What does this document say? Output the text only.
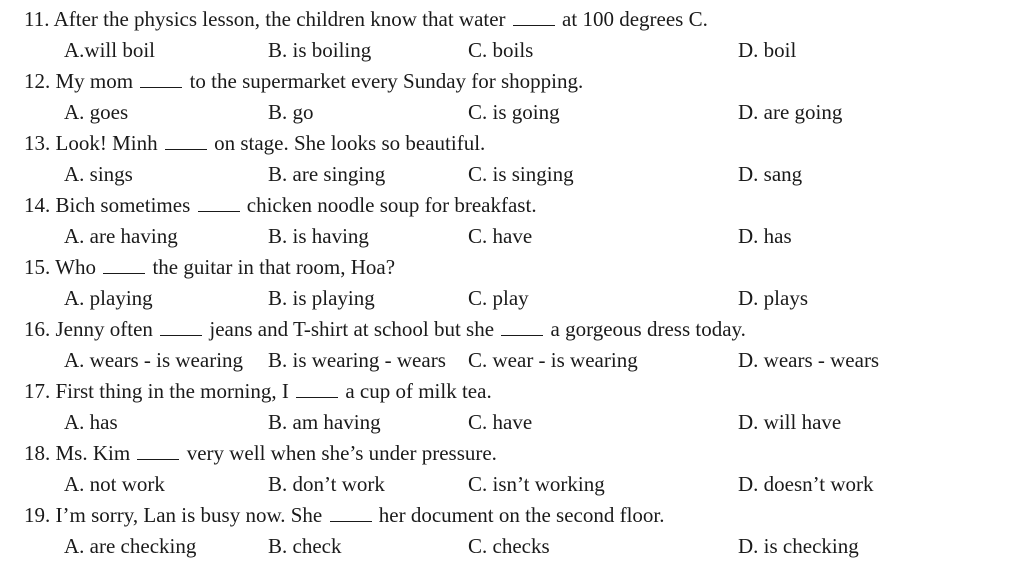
11. After the physics lesson, the children know that water	at 100 degrees C.
A.will boil	B. is boiling	C. boils	D. boil
12. My mom	to the supermarket every Sunday for shopping.
A. goes	B. go	C. is going	D. are going
13. Look! Minh	on stage. She looks so beautiful.
A. sings	B. are singing	C. is singing	D. sang
14. Bich sometimes	chicken noodle soup for breakfast.
A. are having	B. is having	C. have	D. has
15. Who	the guitar in that room, Hoa?
A. playing	B. is playing	C. play	D. plays
16. Jenny often	jeans and T-shirt at school but she	a gorgeous dress today.
A. wears - is wearing B. is wearing - wears C. wear - is wearing	D. wears - wears
17. First thing in the morning, I	a cup of milk tea.
A. has	B. am having	C. have	D. will have
18. Ms. Kim	very well when she’s under pressure.
A. not work	B. don’t work	C. isn’t working	D. doesn’t work
19. I’m sorry, Lan is busy now. She	her document on the second floor.
A. are checking	B. check	C. checks	D. is checking
